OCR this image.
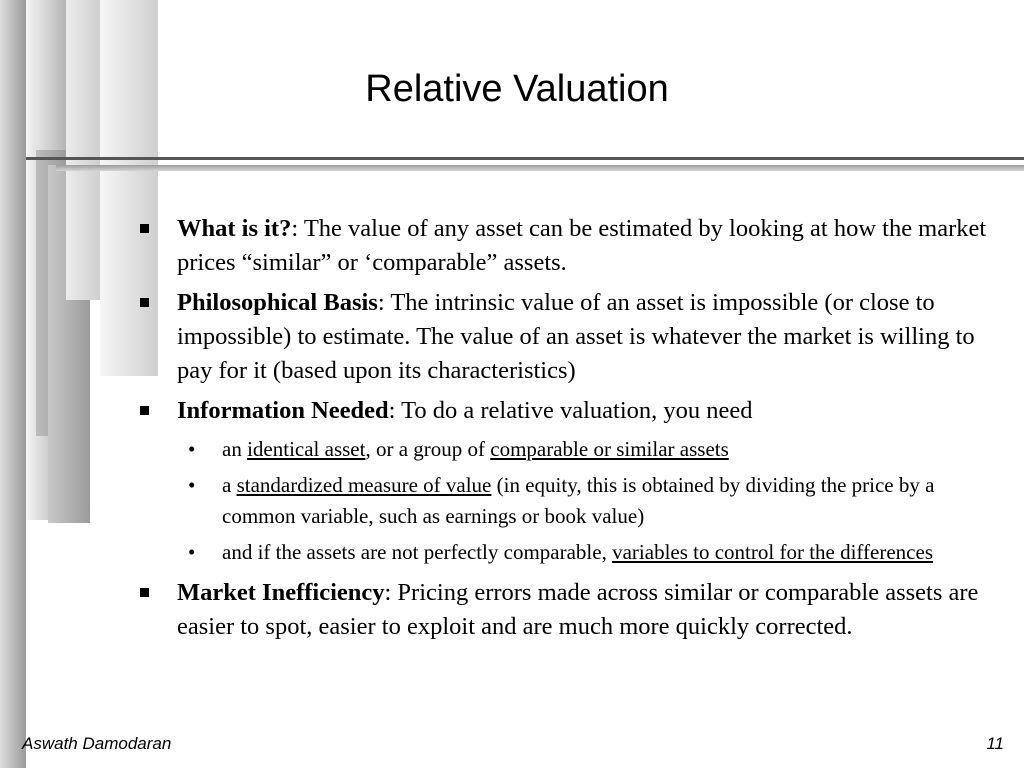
Relative Valuation
What is it?: The value of any asset can be estimated by looking at how the market prices “similar” or ‘comparable” assets.
Philosophical Basis: The intrinsic value of an asset is impossible (or close to impossible) to estimate. The value of an asset is whatever the market is willing to pay for it (based upon its characteristics)
Information Needed: To do a relative valuation, you need
• an identical asset, or a group of comparable or similar assets
• a standardized measure of value (in equity, this is obtained by dividing the price by a common variable, such as earnings or book value)
• and if the assets are not perfectly comparable, variables to control for the differences
Market Inefficiency: Pricing errors made across similar or comparable assets are easier to spot, easier to exploit and are much more quickly corrected.
Aswath Damodaran	11
